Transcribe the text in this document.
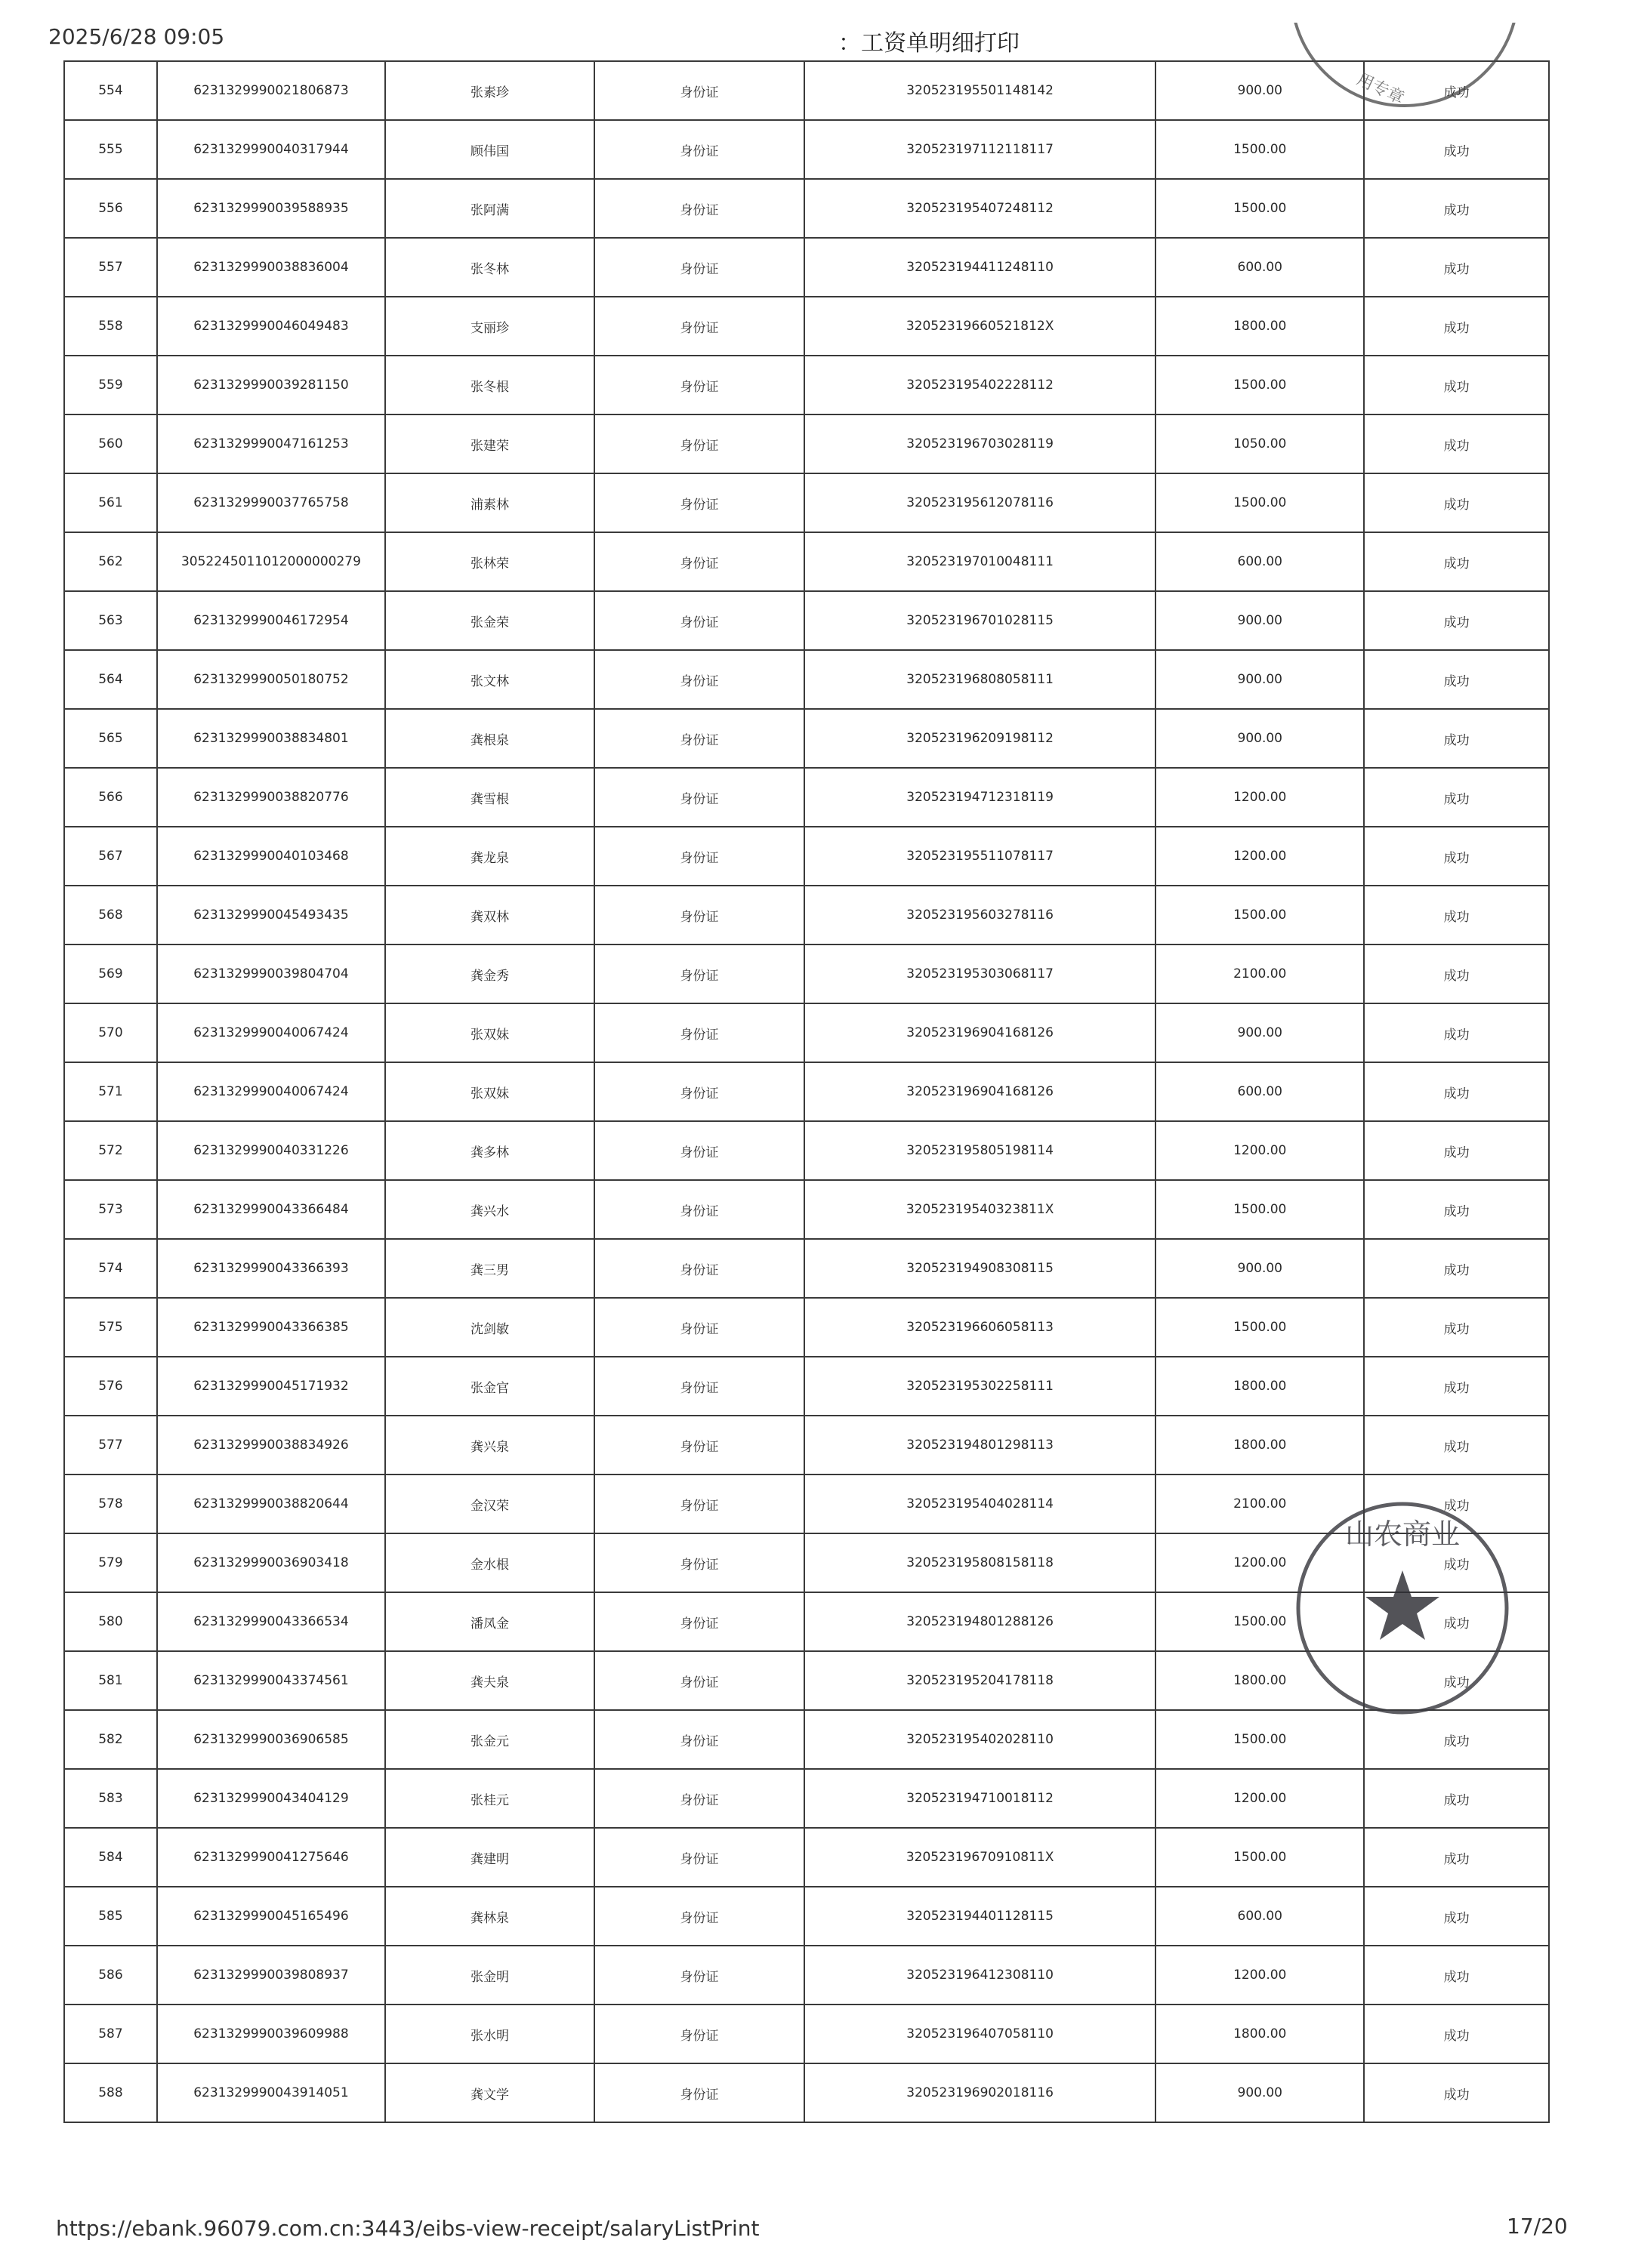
2025/6/28 09:05	：工资单明细打印
554	6231329990021806873	张素珍	身份证	32052319550114814​2	900.00	成功
555	6231329990040317944	顾伟国	身份证	320523197112118117	1500.00	成功
556	6231329990039588935	张阿满	身份证	320523195407248112	1500.00	成功
557	6231329990038836004	张冬林	身份证	320523194411248110	600.00	成功
558	6231329990046049483	支丽珍	身份证	32052319660521812X	1800.00	成功
559	6231329990039281150	张冬根	身份证	320523195402228112	1500.00	成功
560	6231329990047161253	张建荣	身份证	320523196703028119	1050.00	成功
561	6231329990037765758	浦素林	身份证	320523195612078116	1500.00	成功
562	3052245011012000000279	张林荣	身份证	320523197010048111	600.00	成功
563	6231329990046172954	张金荣	身份证	320523196701028115	900.00	成功
564	6231329990050180752	张文林	身份证	320523196808058111	900.00	成功
565	6231329990038834801	龚根泉	身份证	320523196209198112	900.00	成功
566	6231329990038820776	龚雪根	身份证	320523194712318119	1200.00	成功
567	6231329990040103468	龚龙泉	身份证	320523195511078117	1200.00	成功
568	6231329990045493435	龚双林	身份证	320523195603278116	1500.00	成功
569	6231329990039804704	龚金秀	身份证	320523195303068117	2100.00	成功
570	6231329990040067424	张双妹	身份证	320523196904168126	900.00	成功
571	6231329990040067424	张双妹	身份证	320523196904168126	600.00	成功
572	6231329990040331226	龚多林	身份证	320523195805198114	1200.00	成功
573	6231329990043366484	龚兴水	身份证	32052319540323811X	1500.00	成功
574	6231329990043366393	龚三男	身份证	320523194908308115	900.00	成功
575	6231329990043366385	沈剑敏	身份证	320523196606058113	1500.00	成功
576	6231329990045171932	张金官	身份证	320523195302258111	1800.00	成功
577	6231329990038834926	龚兴泉	身份证	320523194801298113	1800.00	成功
578	6231329990038820644	金汉荣	身份证	320523195404028114	2100.00	成功
579	6231329990036903418	金水根	身份证	320523195808158118	1200.00	成功
580	6231329990043366534	潘凤金	身份证	320523194801288126	1500.00	成功
581	6231329990043374561	龚夫泉	身份证	320523195204178118	1800.00	成功
582	6231329990036906585	张金元	身份证	320523195402028110	1500.00	成功
583	6231329990043404129	张桂元	身份证	320523194710018112	1200.00	成功
584	6231329990041275646	龚建明	身份证	32052319670910811X	1500.00	成功
585	6231329990045165496	龚林泉	身份证	320523194401128115	600.00	成功
586	6231329990039808937	张金明	身份证	320523196412308110	1200.00	成功
587	6231329990039609988	张水明	身份证	320523196407058110	1800.00	成功
588	6231329990043914051	龚文学	身份证	320523196902018116	900.00	成功
用专章
山农商业
https://ebank.96079.com.cn:3443/eibs-view-receipt/salaryListPrint	17/20
